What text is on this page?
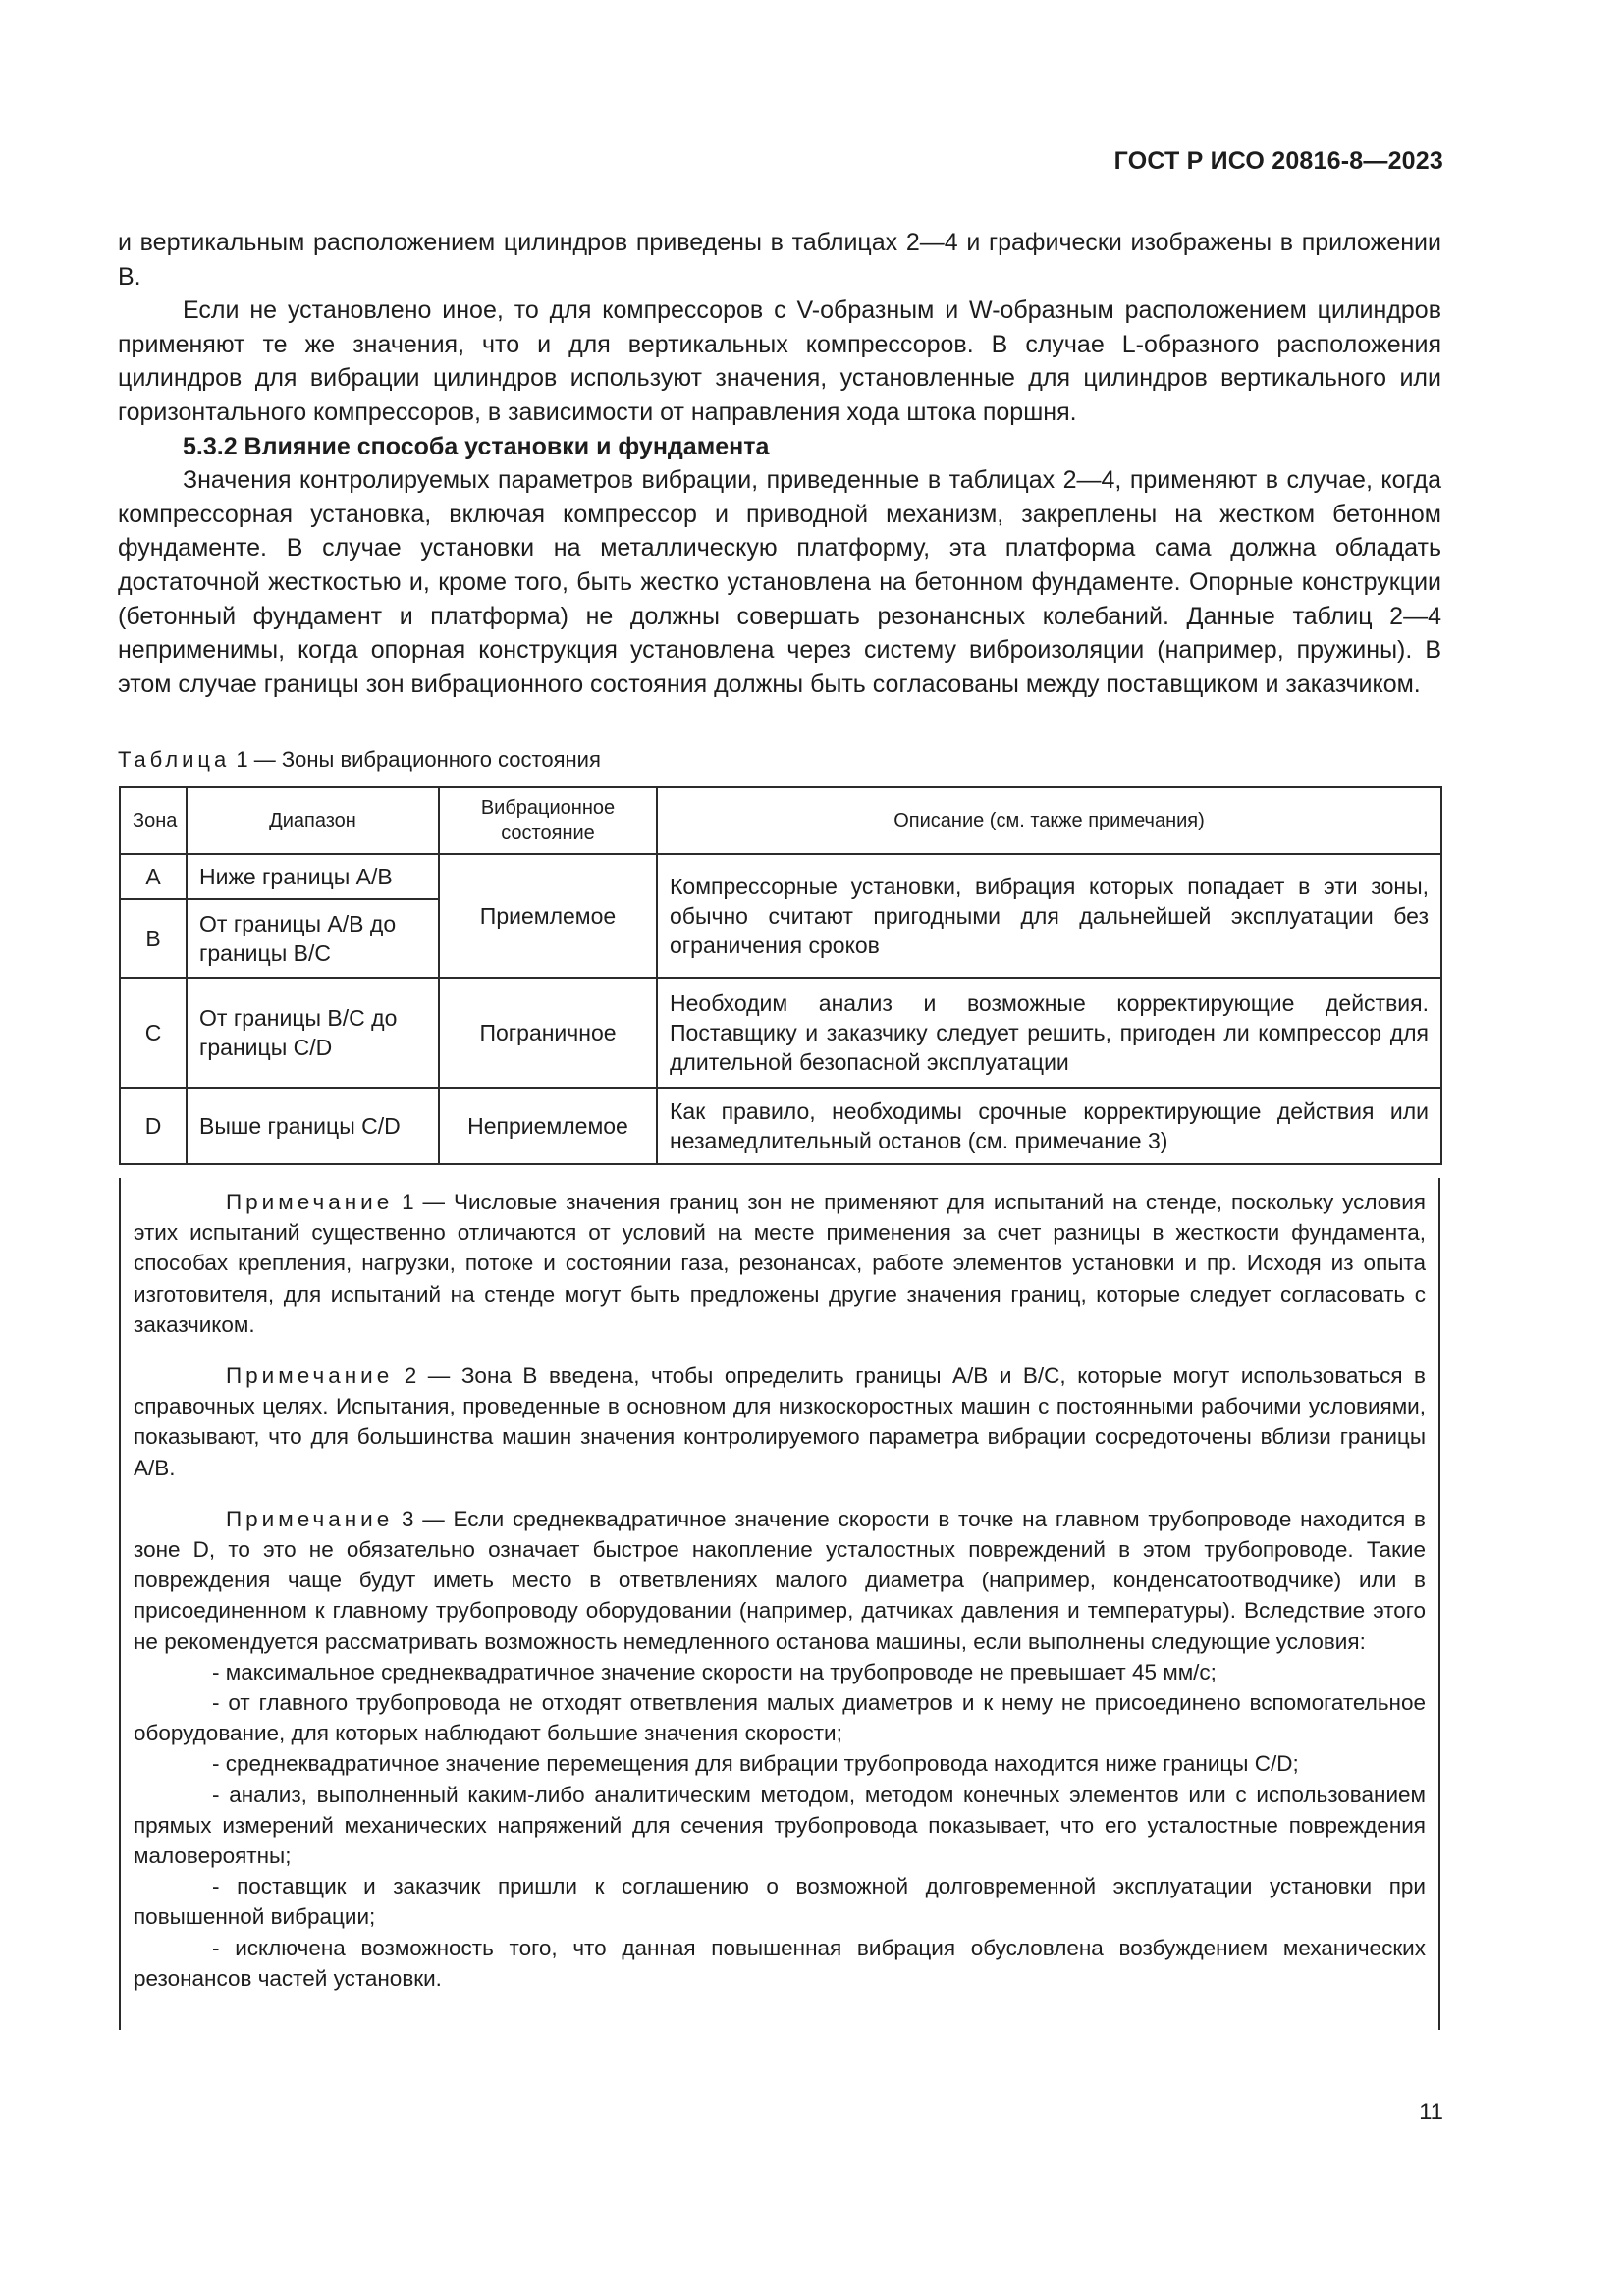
ГОСТ Р ИСО 20816-8—2023

и вертикальным расположением цилиндров приведены в таблицах 2—4 и графически изображены в приложении В.

Если не установлено иное, то для компрессоров с V-образным и W-образным расположением цилиндров применяют те же значения, что и для вертикальных компрессоров. В случае L-образного расположения цилиндров для вибрации цилиндров используют значения, установленные для цилиндров вертикального или горизонтального компрессоров, в зависимости от направления хода штока поршня.

5.3.2 Влияние способа установки и фундамента

Значения контролируемых параметров вибрации, приведенные в таблицах 2—4, применяют в случае, когда компрессорная установка, включая компрессор и приводной механизм, закреплены на жестком бетонном фундаменте. В случае установки на металлическую платформу, эта платформа сама должна обладать достаточной жесткостью и, кроме того, быть жестко установлена на бетонном фундаменте. Опорные конструкции (бетонный фундамент и платформа) не должны совершать резонансных колебаний. Данные таблиц 2—4 неприменимы, когда опорная конструкция установлена через систему виброизоляции (например, пружины). В этом случае границы зон вибрационного состояния должны быть согласованы между поставщиком и заказчиком.

Таблица 1 — Зоны вибрационного состояния
Зона	Диапазон	Вибрационное состояние	Описание (см. также примечания)
A	Ниже границы A/B	Приемлемое	Компрессорные установки, вибрация которых попадает в эти зоны, обычно считают пригодными для дальнейшей эксплуатации без ограничения сроков
B	От границы A/B до границы B/C		
C	От границы B/C до границы C/D	Пограничное	Необходим анализ и возможные корректирующие действия. Поставщику и заказчику следует решить, пригоден ли компрессор для длительной безопасной эксплуатации
D	Выше границы C/D	Неприемлемое	Как правило, необходимы срочные корректирующие действия или незамедлительный останов (см. примечание 3)

Примечание 1 — Числовые значения границ зон не применяют для испытаний на стенде, поскольку условия этих испытаний существенно отличаются от условий на месте применения за счет разницы в жесткости фундамента, способах крепления, нагрузки, потоке и состоянии газа, резонансах, работе элементов установки и пр. Исходя из опыта изготовителя, для испытаний на стенде могут быть предложены другие значения границ, которые следует согласовать с заказчиком.

Примечание 2 — Зона B введена, чтобы определить границы A/B и B/C, которые могут использоваться в справочных целях. Испытания, проведенные в основном для низкоскоростных машин с постоянными рабочими условиями, показывают, что для большинства машин значения контролируемого параметра вибрации сосредоточены вблизи границы A/B.

Примечание 3 — Если среднеквадратичное значение скорости в точке на главном трубопроводе находится в зоне D, то это не обязательно означает быстрое накопление усталостных повреждений в этом трубопроводе. Такие повреждения чаще будут иметь место в ответвлениях малого диаметра (например, конденсатоотводчике) или в присоединенном к главному трубопроводу оборудовании (например, датчиках давления и температуры). Вследствие этого не рекомендуется рассматривать возможность немедленного останова машины, если выполнены следующие условия:

- максимальное среднеквадратичное значение скорости на трубопроводе не превышает 45 мм/с;

- от главного трубопровода не отходят ответвления малых диаметров и к нему не присоединено вспомогательное оборудование, для которых наблюдают большие значения скорости;

- среднеквадратичное значение перемещения для вибрации трубопровода находится ниже границы C/D;

- анализ, выполненный каким-либо аналитическим методом, методом конечных элементов или с использованием прямых измерений механических напряжений для сечения трубопровода показывает, что его усталостные повреждения маловероятны;

- поставщик и заказчик пришли к соглашению о возможной долговременной эксплуатации установки при повышенной вибрации;

- исключена возможность того, что данная повышенная вибрация обусловлена возбуждением механических резонансов частей установки.

11
